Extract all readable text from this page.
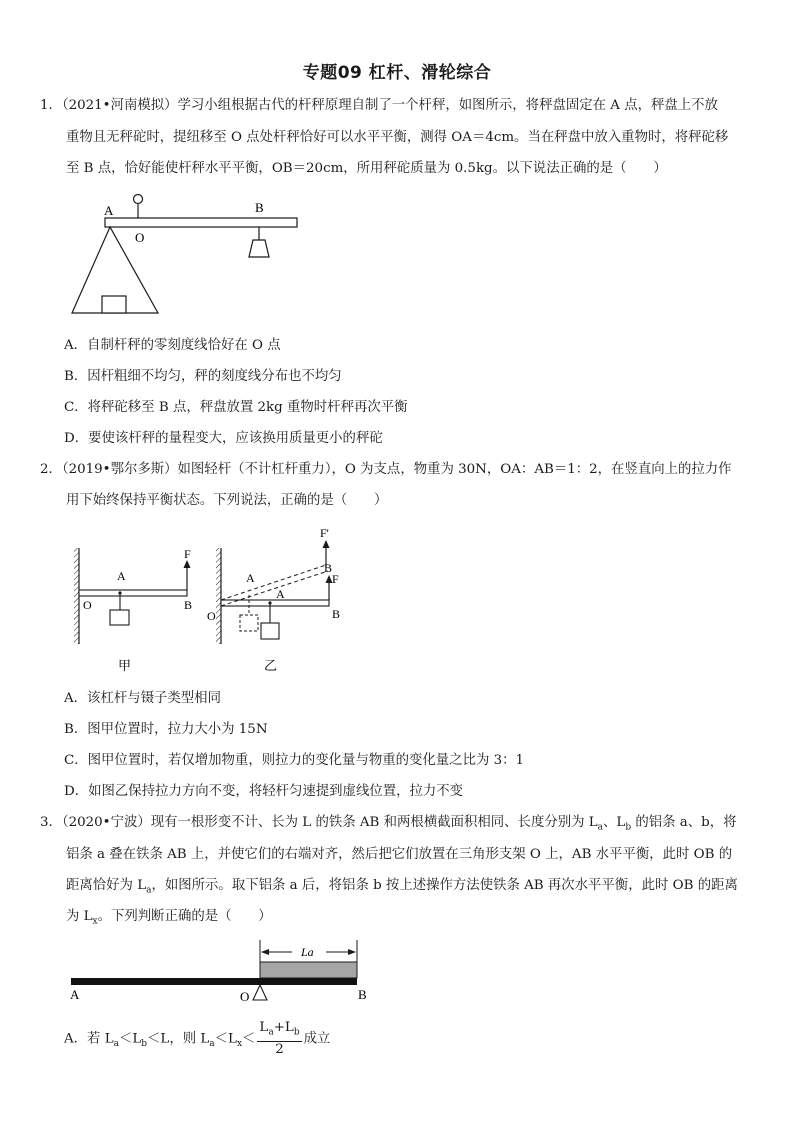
专题09 杠杆、滑轮综合
1．（2021•河南模拟）学习小组根据古代的杆秤原理自制了一个杆秤，如图所示，将秤盘固定在 A 点，秤盘上不放
重物且无秤砣时，提纽移至 O 点处杆秤恰好可以水平平衡，测得 OA＝4cm。当在秤盘中放入重物时，将秤砣移
至 B 点，恰好能使杆秤水平平衡，OB＝20cm，所用秤砣质量为 0.5kg。以下说法正确的是（　　）
A
O
B
A．自制杆秤的零刻度线恰好在 O 点
B．因杆粗细不均匀，秤的刻度线分布也不均匀
C．将秤砣移至 B 点，秤盘放置 2kg 重物时杆秤再次平衡
D．要使该杆秤的量程变大，应该换用质量更小的秤砣
2．（2019•鄂尔多斯）如图轻杆（不计杠杆重力），O 为支点，物重为 30N，OA：AB＝1：2，在竖直向上的拉力作
用下始终保持平衡状态。下列说法，正确的是（　　）
F
A
O	B
甲
F'
B
A	F
A
O	B
乙
A．该杠杆与镊子类型相同
B．图甲位置时，拉力大小为 15N
C．图甲位置时，若仅增加物重，则拉力的变化量与物重的变化量之比为 3：1
D．如图乙保持拉力方向不变，将轻杆匀速提到虚线位置，拉力不变
3．（2020•宁波）现有一根形变不计、长为 L 的铁条 AB 和两根横截面积相同、长度分别为 $L_a$、$L_b$ 的铝条 a、b，将
铝条 a 叠在铁条 AB 上，并使它们的右端对齐，然后把它们放置在三角形支架 O 上，AB 水平平衡，此时 OB 的
距离恰好为 $L_a$，如图所示。取下铝条 a 后，将铝条 b 按上述操作方法使铁条 AB 再次水平平衡，此时 OB 的距离
为 $L_x$。下列判断正确的是（　　）
La
A	O	B
A．若 $L_a<L_b<L$，则 $L_a<L_x< \frac{L_a+L_b}{2}$ 成立
